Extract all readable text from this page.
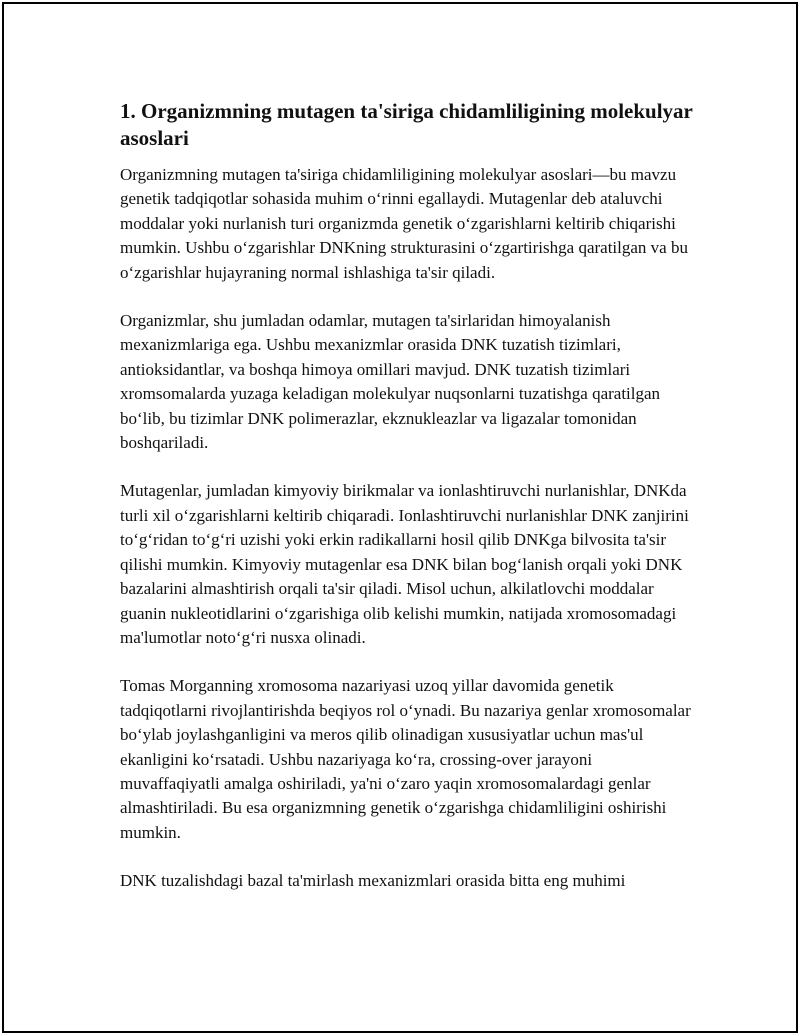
1. Organizmning mutagen ta'siriga chidamliligining molekulyar asoslari

Organizmning mutagen ta'siriga chidamliligining molekulyar asoslari—bu mavzu genetik tadqiqotlar sohasida muhim o‘rinni egallaydi. Mutagenlar deb ataluvchi moddalar yoki nurlanish turi organizmda genetik o‘zgarishlarni keltirib chiqarishi mumkin. Ushbu o‘zgarishlar DNKning strukturasini o‘zgartirishga qaratilgan va bu o‘zgarishlar hujayraning normal ishlashiga ta'sir qiladi.

Organizmlar, shu jumladan odamlar, mutagen ta'sirlaridan himoyalanish mexanizmlariga ega. Ushbu mexanizmlar orasida DNK tuzatish tizimlari, antioksidantlar, va boshqa himoya omillari mavjud. DNK tuzatish tizimlari xromsomalarda yuzaga keladigan molekulyar nuqsonlarni tuzatishga qaratilgan bo‘lib, bu tizimlar DNK polimerazlar, ekznukleazlar va ligazalar tomonidan boshqariladi.

Mutagenlar, jumladan kimyoviy birikmalar va ionlashtiruvchi nurlanishlar, DNKda turli xil o‘zgarishlarni keltirib chiqaradi. Ionlashtiruvchi nurlanishlar DNK zanjirini to‘g‘ridan to‘g‘ri uzishi yoki erkin radikallarni hosil qilib DNKga bilvosita ta'sir qilishi mumkin. Kimyoviy mutagenlar esa DNK bilan bog‘lanish orqali yoki DNK bazalarini almashtirish orqali ta'sir qiladi. Misol uchun, alkilatlovchi moddalar guanin nukleotidlarini o‘zgarishiga olib kelishi mumkin, natijada xromosomadagi ma'lumotlar noto‘g‘ri nusxa olinadi.

Tomas Morganning xromosoma nazariyasi uzoq yillar davomida genetik tadqiqotlarni rivojlantirishda beqiyos rol o‘ynadi. Bu nazariya genlar xromosomalar bo‘ylab joylashganligini va meros qilib olinadigan xususiyatlar uchun mas'ul ekanligini ko‘rsatadi. Ushbu nazariyaga ko‘ra, crossing-over jarayoni muvaffaqiyatli amalga oshiriladi, ya'ni o‘zaro yaqin xromosomalardagi genlar almashtiriladi. Bu esa organizmning genetik o‘zgarishga chidamliligini oshirishi mumkin.

DNK tuzalishdagi bazal ta'mirlash mexanizmlari orasida bitta eng muhimi
